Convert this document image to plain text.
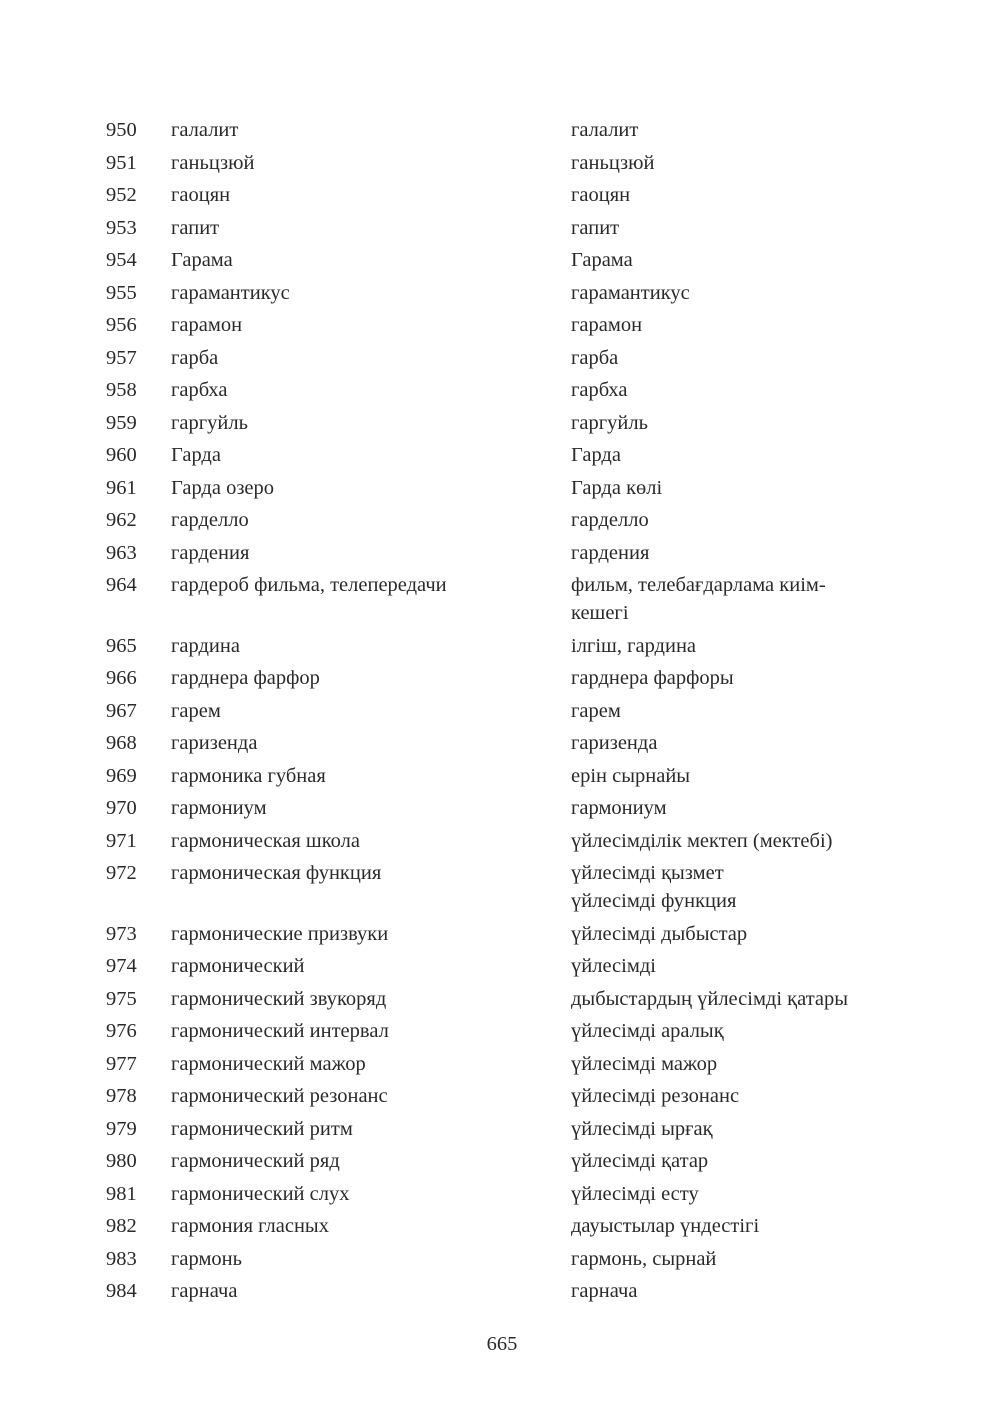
950 галалит	галалит
951 ганьцзюй	ганьцзюй
952 гаоцян	гаоцян
953 гапит	гапит
954 Гарама	Гарама
955 гарамантикус	гарамантикус
956 гарамон	гарамон
957 гарба	гарба
958 гарбха	гарбха
959 гаргуйль	гаргуйль
960 Гарда	Гарда
961 Гарда озеро	Гарда көлі
962 гарделло	гарделло
963 гардения	гардения
964 гардероб фильма, телепередачи	фильм, телебағдарлама киім-
кешегі
965 гардина	ілгіш, гардина
966 гарднера фарфор	гарднера фарфоры
967 гарем	гарем
968 гаризенда	гаризенда
969 гармоника губная	ерін сырнайы
970 гармониум	гармониум
971 гармоническая школа	үйлесімділік мектеп (мектебі)
972 гармоническая функция	үйлесімді қызмет
үйлесімді функция
973 гармонические призвуки	үйлесімді дыбыстар
974 гармонический	үйлесімді
975 гармонический звукоряд	дыбыстардың үйлесімді қатары
976 гармонический интервал	үйлесімді аралық
977 гармонический мажор	үйлесімді мажор
978 гармонический резонанс	үйлесімді резонанс
979 гармонический ритм	үйлесімді ырғақ
980 гармонический ряд	үйлесімді қатар
981 гармонический слух	үйлесімді есту
982 гармония гласных	дауыстылар үндестігі
983 гармонь	гармонь, сырнай
984 гарнача	гарнача
665
